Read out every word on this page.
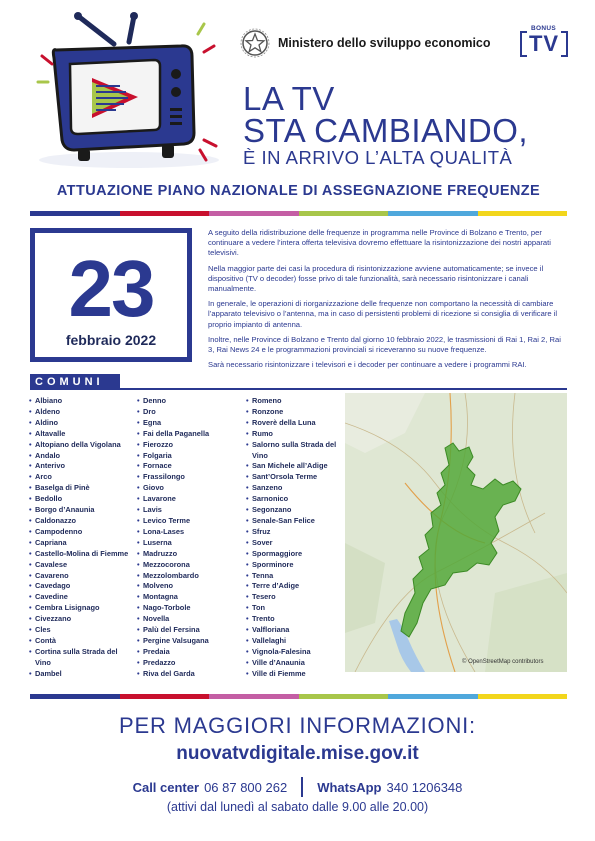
Ministero dello sviluppo economico
BONUS
TV
LA TV
STA CAMBIANDO,
È IN ARRIVO L’ALTA QUALITÀ
ATTUAZIONE PIANO NAZIONALE DI ASSEGNAZIONE FREQUENZE
23
febbraio 2022

A seguito della ridistribuzione delle frequenze in programma nelle Province di Bolzano e Trento, per continuare a vedere l’intera offerta televisiva dovremo effettuare la risintonizzazione dei nostri apparati televisivi.

Nella maggior parte dei casi la procedura di risintonizzazione avviene automaticamente; se invece il dispositivo (TV o decoder) fosse privo di tale funzionalità, sarà necessario risintonizzare i canali manualmente.

In generale, le operazioni di riorganizzazione delle frequenze non comportano la necessità di cambiare l’apparato televisivo o l’antenna, ma in caso di persistenti problemi di ricezione si consiglia di verificare il proprio impianto di antenna.

Inoltre, nelle Province di Bolzano e Trento dal giorno 10 febbraio 2022, le trasmissioni di Rai 1, Rai 2, Rai 3, Rai News 24 e le programmazioni provinciali si riceveranno su nuove frequenze.

Sarà necessario risintonizzare i televisori e i decoder per continuare a vedere i programmi RAI.

COMUNI
• Albiano
• Aldeno
• Aldino
• Altavalle
• Altopiano della Vigolana
• Andalo
• Anterivo
• Arco
• Baselga di Pinè
• Bedollo
• Borgo d’Anaunia
• Caldonazzo
• Campodenno
• Capriana
• Castello-Molina di Fiemme
• Cavalese
• Cavareno
• Cavedago
• Cavedine
• Cembra Lisignago
• Civezzano
• Cles
• Contà
• Cortina sulla Strada del Vino
• Dambel
• Denno
• Dro
• Egna
• Fai della Paganella
• Fierozzo
• Folgaria
• Fornace
• Frassilongo
• Giovo
• Lavarone
• Lavis
• Levico Terme
• Lona-Lases
• Luserna
• Madruzzo
• Mezzocorona
• Mezzolombardo
• Molveno
• Montagna
• Nago-Torbole
• Novella
• Palù del Fersina
• Pergine Valsugana
• Predaia
• Predazzo
• Riva del Garda
• Romeno
• Ronzone
• Roverè della Luna
• Rumo
• Salorno sulla Strada del Vino
• San Michele all’Adige
• Sant’Orsola Terme
• Sanzeno
• Sarnonico
• Segonzano
• Senale-San Felice
• Sfruz
• Sover
• Spormaggiore
• Sporminore
• Tenna
• Terre d’Adige
• Tesero
• Ton
• Trento
• Valfloriana
• Vallelaghi
• Vignola-Falesina
• Ville d’Anaunia
• Ville di Fiemme
© OpenStreetMap contributors
PER MAGGIORI INFORMAZIONI:
nuovatvdigitale.mise.gov.it
Call center 06 87 800 262 WhatsApp 340 1206348
(attivi dal lunedì al sabato dalle 9.00 alle 20.00)
